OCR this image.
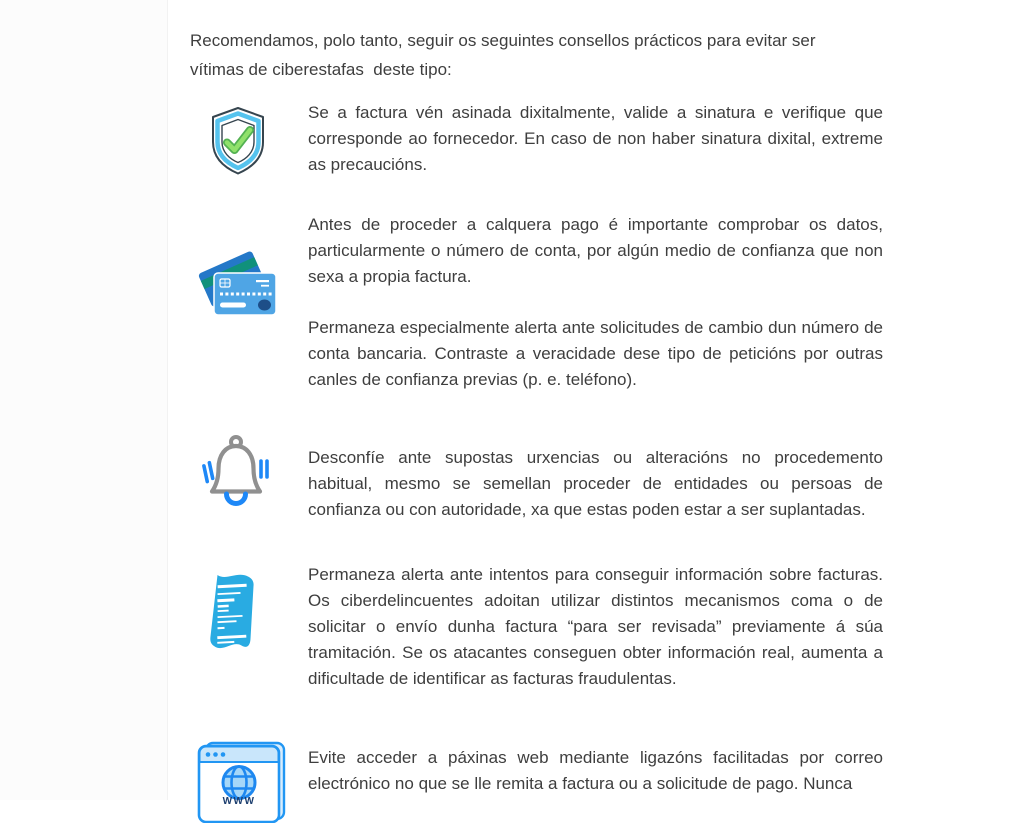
Recomendamos, polo tanto, seguir os seguintes consellos prácticos para evitar ser vítimas de ciberestafas  deste tipo:

Se a factura vén asinada dixitalmente, valide a sinatura e verifique que corresponde ao fornecedor. En caso de non haber sinatura dixital, extreme as precaucións.

Antes de proceder a calquera pago é importante comprobar os datos, particularmente o número de conta, por algún medio de confianza que non sexa a propia factura.

Permaneza especialmente alerta ante solicitudes de cambio dun número de conta bancaria. Contraste a veracidade dese tipo de peticións por outras canles de confianza previas (p. e. teléfono).

Desconfíe ante supostas urxencias ou alteracións no procedemento habitual, mesmo se semellan proceder de entidades ou persoas de confianza ou con autoridade, xa que estas poden estar a ser suplantadas.

Permaneza alerta ante intentos para conseguir información sobre facturas. Os ciberdelincuentes adoitan utilizar distintos mecanismos coma o de solicitar o envío dunha factura “para ser revisada” previamente á súa tramitación. Se os atacantes conseguen obter información real, aumenta a dificultade de identificar as facturas fraudulentas.

WWW

Evite acceder a páxinas web mediante ligazóns facilitadas por correo electrónico no que se lle remita a factura ou a solicitude de pago. Nunca
